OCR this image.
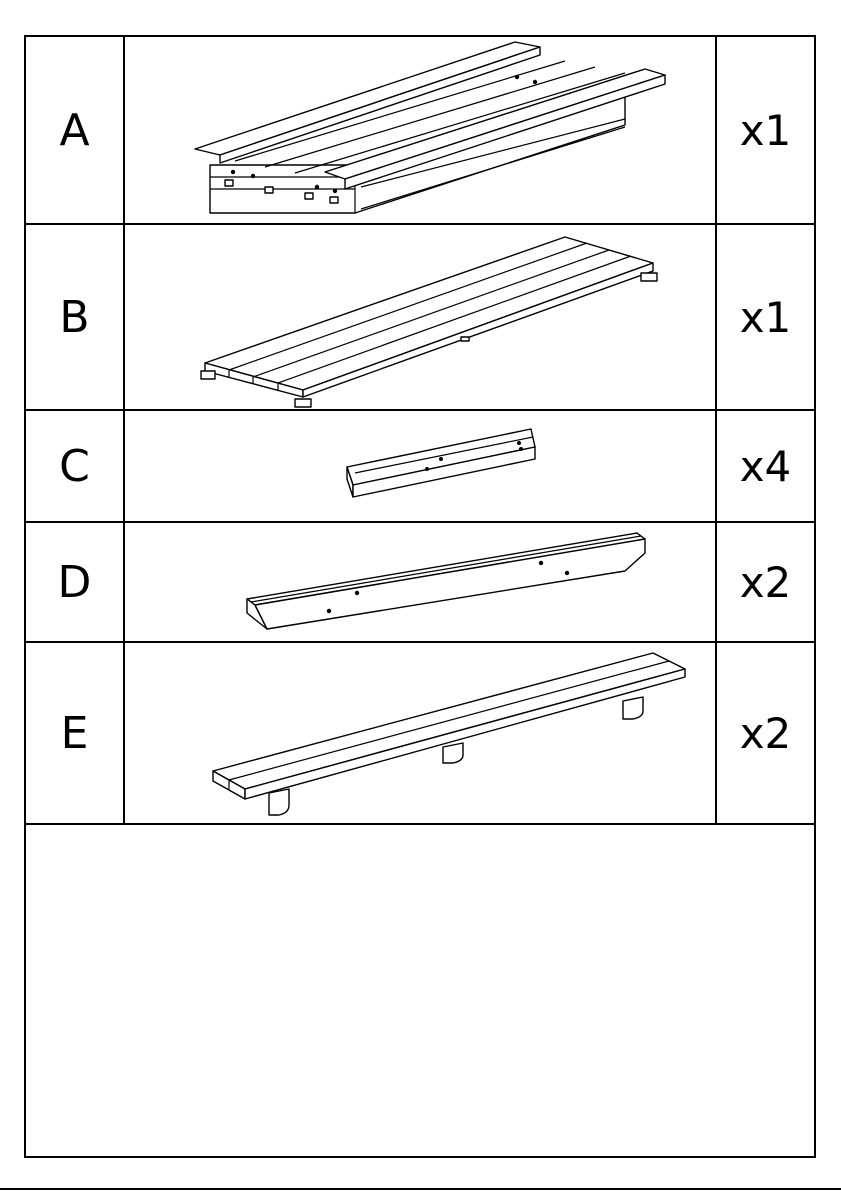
A	x1
B	x1
C	x4
D	x2
E	x2
